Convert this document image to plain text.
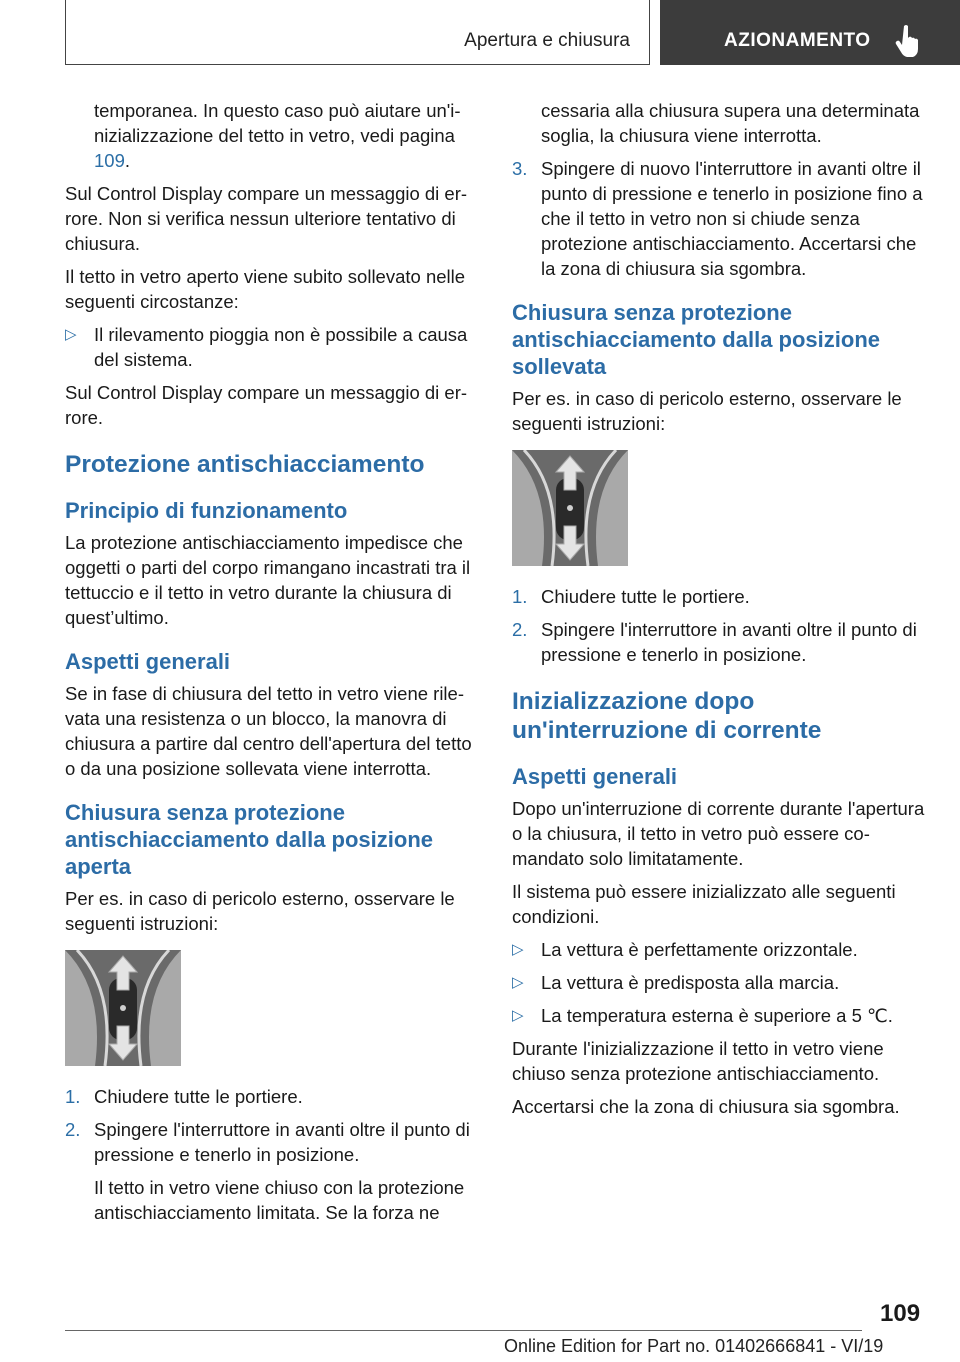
Apertura e chiusura	AZIONAMENTO

temporanea. In questo caso può aiutare un'inizializzazione del tetto in vetro, vedi pagina 109.

Sul Control Display compare un messaggio di errore. Non si verifica nessun ulteriore tentativo di chiusura.

Il tetto in vetro aperto viene subito sollevato nelle seguenti circostanze:

▷ Il rilevamento pioggia non è possibile a causa del sistema.

Sul Control Display compare un messaggio di errore.

Protezione antischiacciamento
Principio di funzionamento

La protezione antischiacciamento impedisce che oggetti o parti del corpo rimangano incastrati tra il tettuccio e il tetto in vetro durante la chiusura di quest’ultimo.

Aspetti generali

Se in fase di chiusura del tetto in vetro viene rilevata una resistenza o un blocco, la manovra di chiusura a partire dal centro dell'apertura del tetto o da una posizione sollevata viene interrotta.

Chiusura senza protezione antischiacciamento dalla posizione aperta

Per es. in caso di pericolo esterno, osservare le seguenti istruzioni:

1. Chiudere tutte le portiere.
2. Spingere l'interruttore in avanti oltre il punto di pressione e tenerlo in posizione.

Il tetto in vetro viene chiuso con la protezione antischiacciamento limitata. Se la forza ne

cessaria alla chiusura supera una determinata soglia, la chiusura viene interrotta.

3. Spingere di nuovo l'interruttore in avanti oltre il punto di pressione e tenerlo in posizione fino a che il tetto in vetro non si chiude senza protezione antischiacciamento. Accertarsi che la zona di chiusura sia sgombra.
Chiusura senza protezione antischiacciamento dalla posizione sollevata

Per es. in caso di pericolo esterno, osservare le seguenti istruzioni:

1. Chiudere tutte le portiere.
2. Spingere l'interruttore in avanti oltre il punto di pressione e tenerlo in posizione.
Inizializzazione dopo un'interruzione di corrente
Aspetti generali

Dopo un'interruzione di corrente durante l'apertura o la chiusura, il tetto in vetro può essere comandato solo limitatamente.

Il sistema può essere inizializzato alle seguenti condizioni.

▷ La vettura è perfettamente orizzontale.
▷ La vettura è predisposta alla marcia.
▷ La temperatura esterna è superiore a 5 ℃.

Durante l'inizializzazione il tetto in vetro viene chiuso senza protezione antischiacciamento.

Accertarsi che la zona di chiusura sia sgombra.

109
Online Edition for Part no. 01402666841 - VI/19
